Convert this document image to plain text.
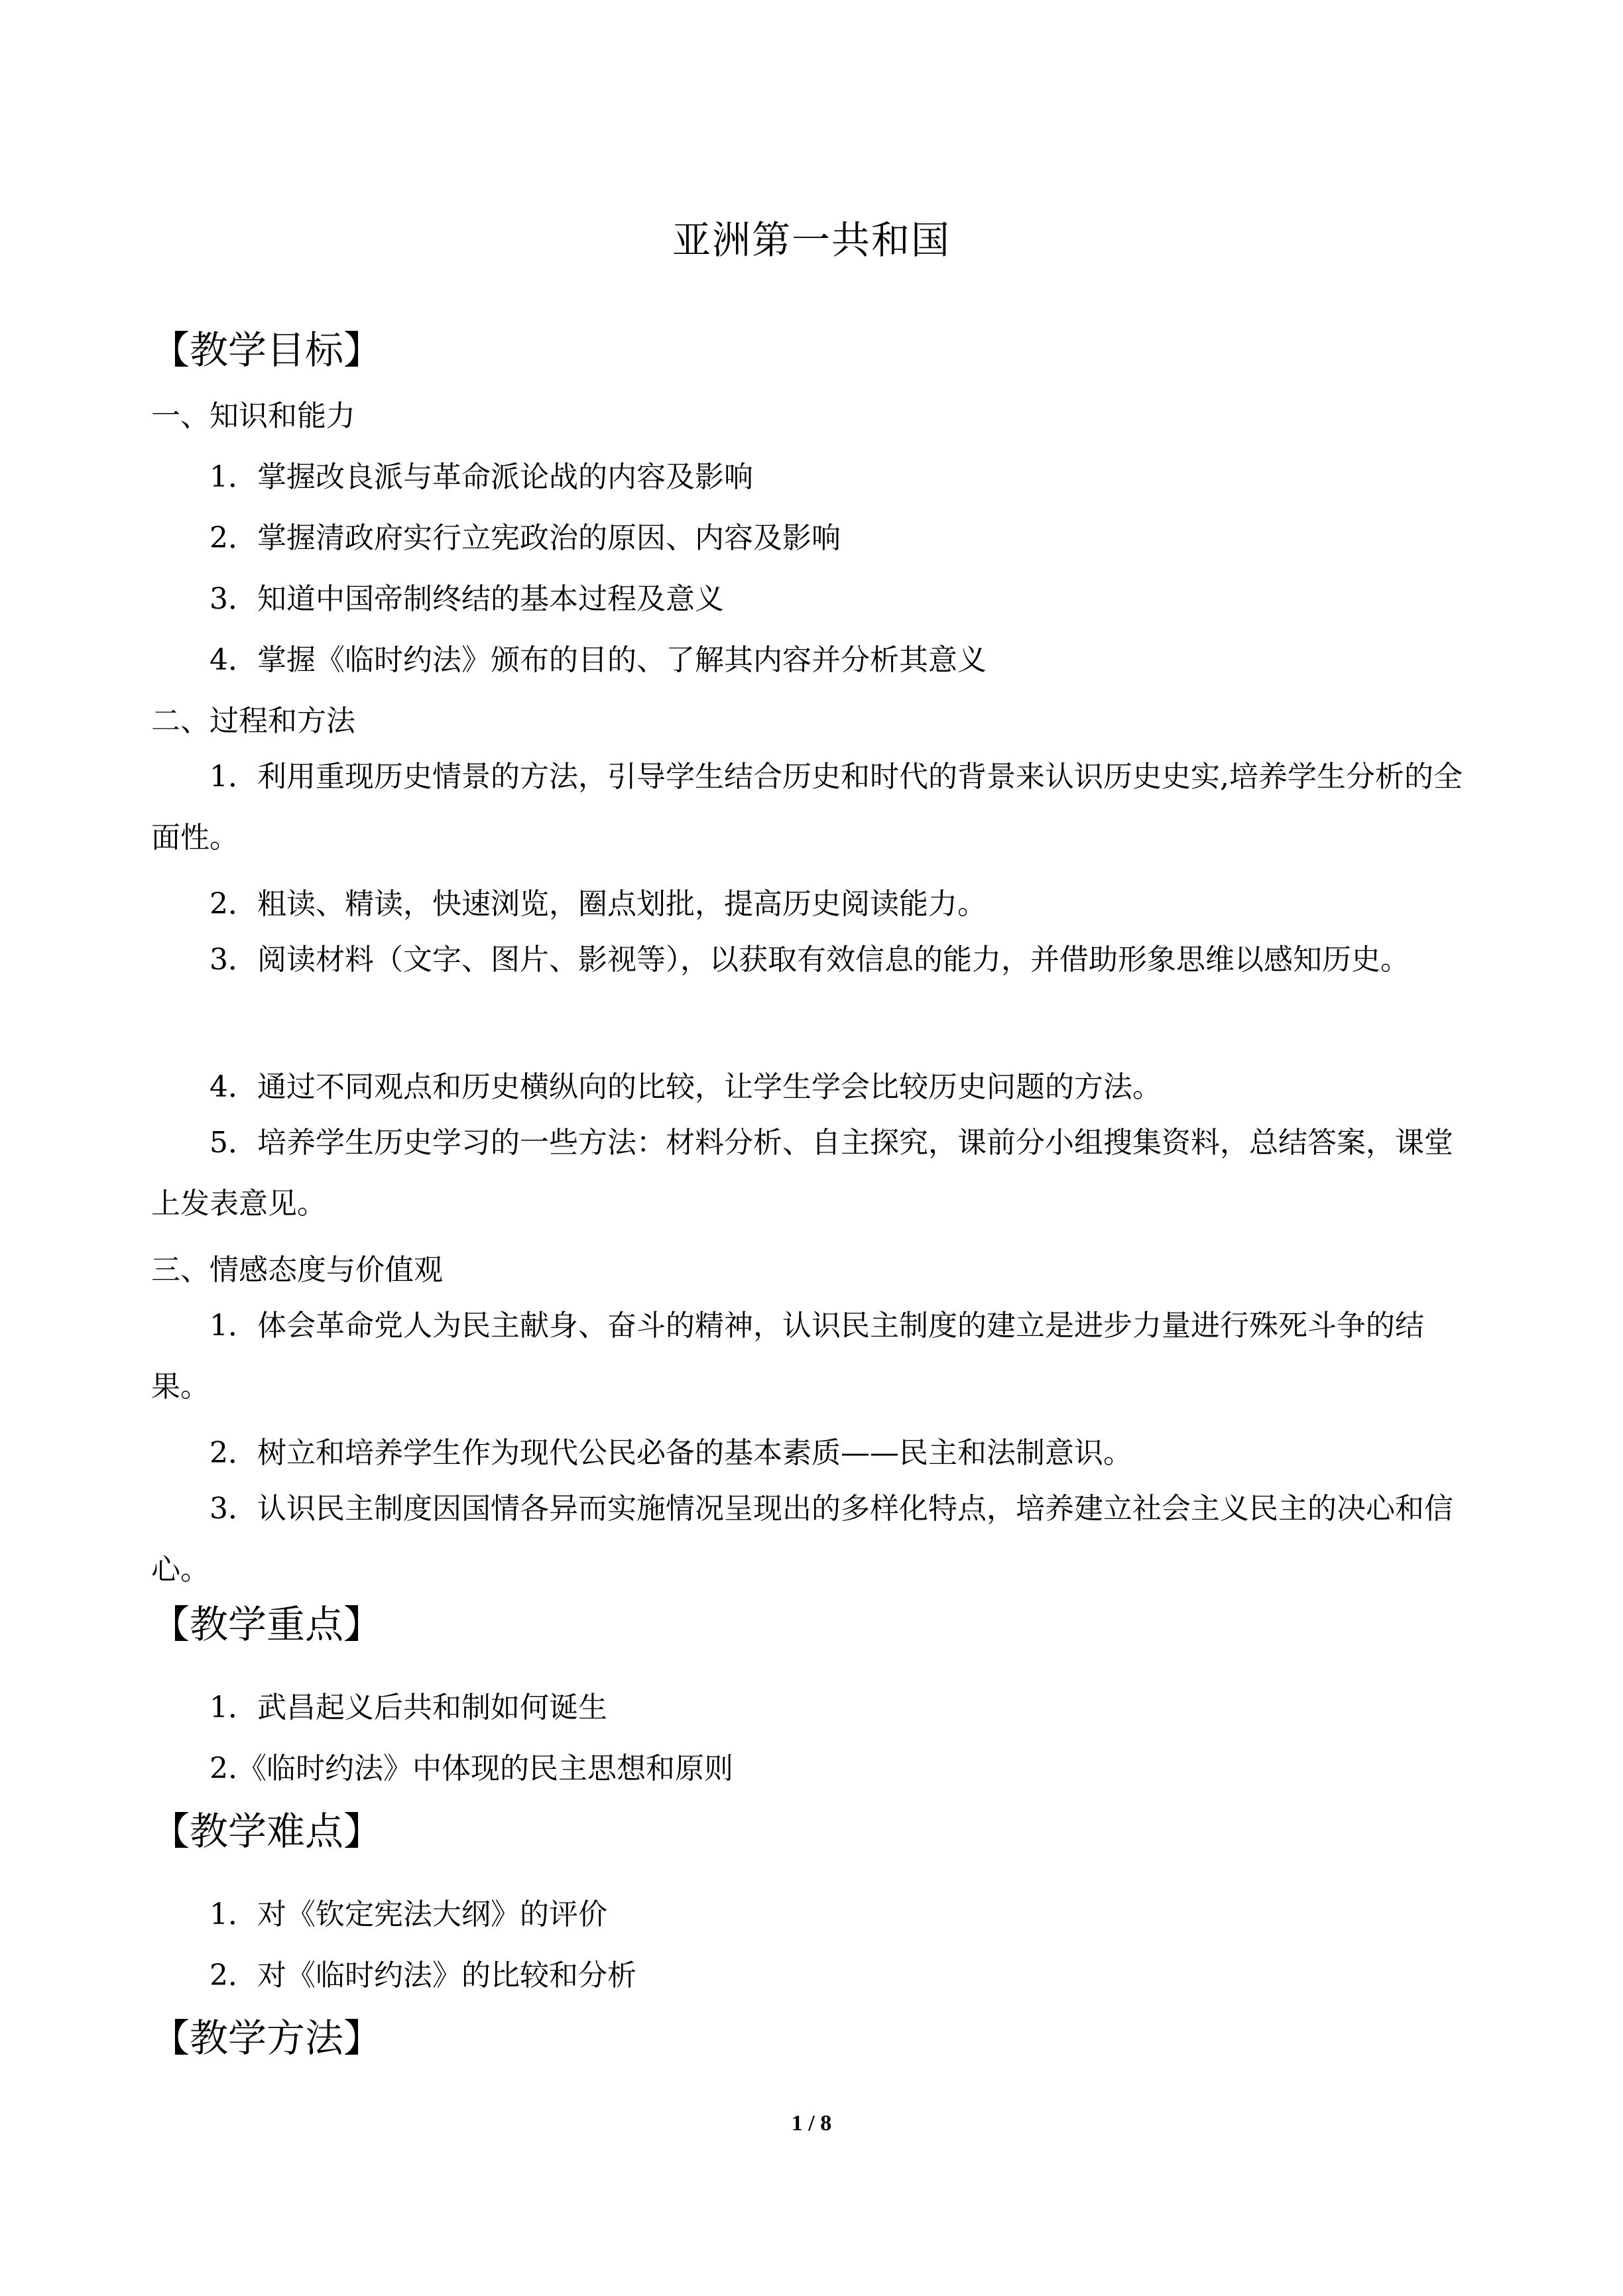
亚洲第一共和国
【教学目标】
一、知识和能力
1．掌握改良派与革命派论战的内容及影响
2．掌握清政府实行立宪政治的原因、内容及影响
3．知道中国帝制终结的基本过程及意义
4．掌握《临时约法》颁布的目的、了解其内容并分析其意义
二、过程和方法
1．利用重现历史情景的方法，引导学生结合历史和时代的背景来认识历史史实,培养学生分析的全面性。
2．粗读、精读，快速浏览，圈点划批，提高历史阅读能力。
3．阅读材料（文字、图片、影视等），以获取有效信息的能力，并借助形象思维以感知历史。
4．通过不同观点和历史横纵向的比较，让学生学会比较历史问题的方法。
5．培养学生历史学习的一些方法：材料分析、自主探究，课前分小组搜集资料，总结答案，课堂上发表意见。
三、情感态度与价值观
1．体会革命党人为民主献身、奋斗的精神，认识民主制度的建立是进步力量进行殊死斗争的结果。
2．树立和培养学生作为现代公民必备的基本素质——民主和法制意识。
3．认识民主制度因国情各异而实施情况呈现出的多样化特点，培养建立社会主义民主的决心和信心。
【教学重点】
1．武昌起义后共和制如何诞生
2.《临时约法》中体现的民主思想和原则
【教学难点】
1．对《钦定宪法大纲》的评价
2．对《临时约法》的比较和分析
【教学方法】
1 / 8
